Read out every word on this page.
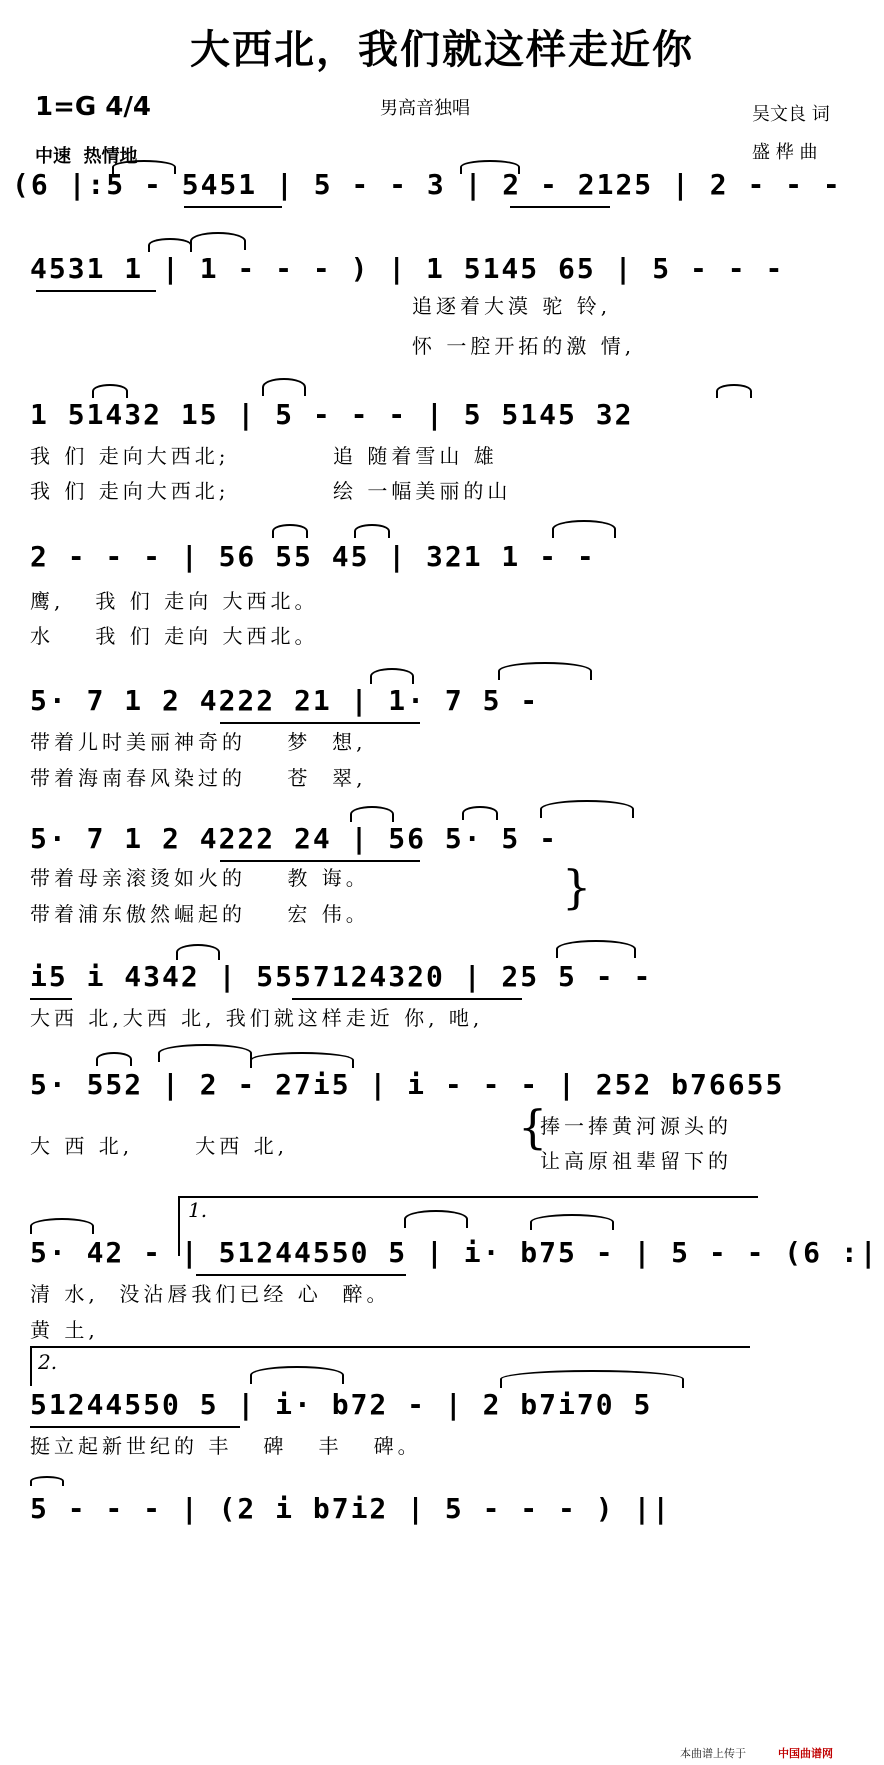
大西北，我们就这样走近你
1=G 4/4	男高音独唱
中速  热情地
吴文良 词
盛 桦 曲
(6 |:5 - 5451 | 5 - - 3 | 2 - 2125 | 2 - - -
4531 1 | 1 - - - ) | 1 5145 65 | 5 - - -
追逐着大漠 驼 铃,
怀 一腔开拓的激 情,
1 51432 15 | 5 - - - | 5 5145 32
我 们 走向大西北;          追 随着雪山 雄
我 们 走向大西北;          绘 一幅美丽的山
2 - - - | 56 55 45 | 321 1 - -
鹰,   我 们 走向 大西北。
水    我 们 走向 大西北。
5· 7 1 2 4222 21 | 1· 7 5 -
带着儿时美丽神奇的    梦  想,
带着海南春风染过的    苍  翠,
5· 7 1 2 4222 24 | 56 5· 5 -
带着母亲滚烫如火的    教 诲。
带着浦东傲然崛起的    宏 伟。	}
i5 i 4342 | 5557124320 | 25 5 - -
大西 北,大西 北, 我们就这样走近 你, 吔,
5· 552 | 2 - 27i5 | i - - - | 252 b76655
大 西 北,      大西 北,	{
捧一捧黄河源头的
让高原祖辈留下的
1.
5· 42 - | 51244550 5 | i· b75 - | 5 - - (6 :|
清 水,  没沾唇我们已经 心  醉。
黄 土,
2.
51244550 5 | i· b72 - | 2 b7i70 5
挺立起新世纪的 丰   碑   丰   碑。
5 - - - | (2 i b7i2 | 5 - - - ) ||
本曲谱上传于	中国曲谱网
